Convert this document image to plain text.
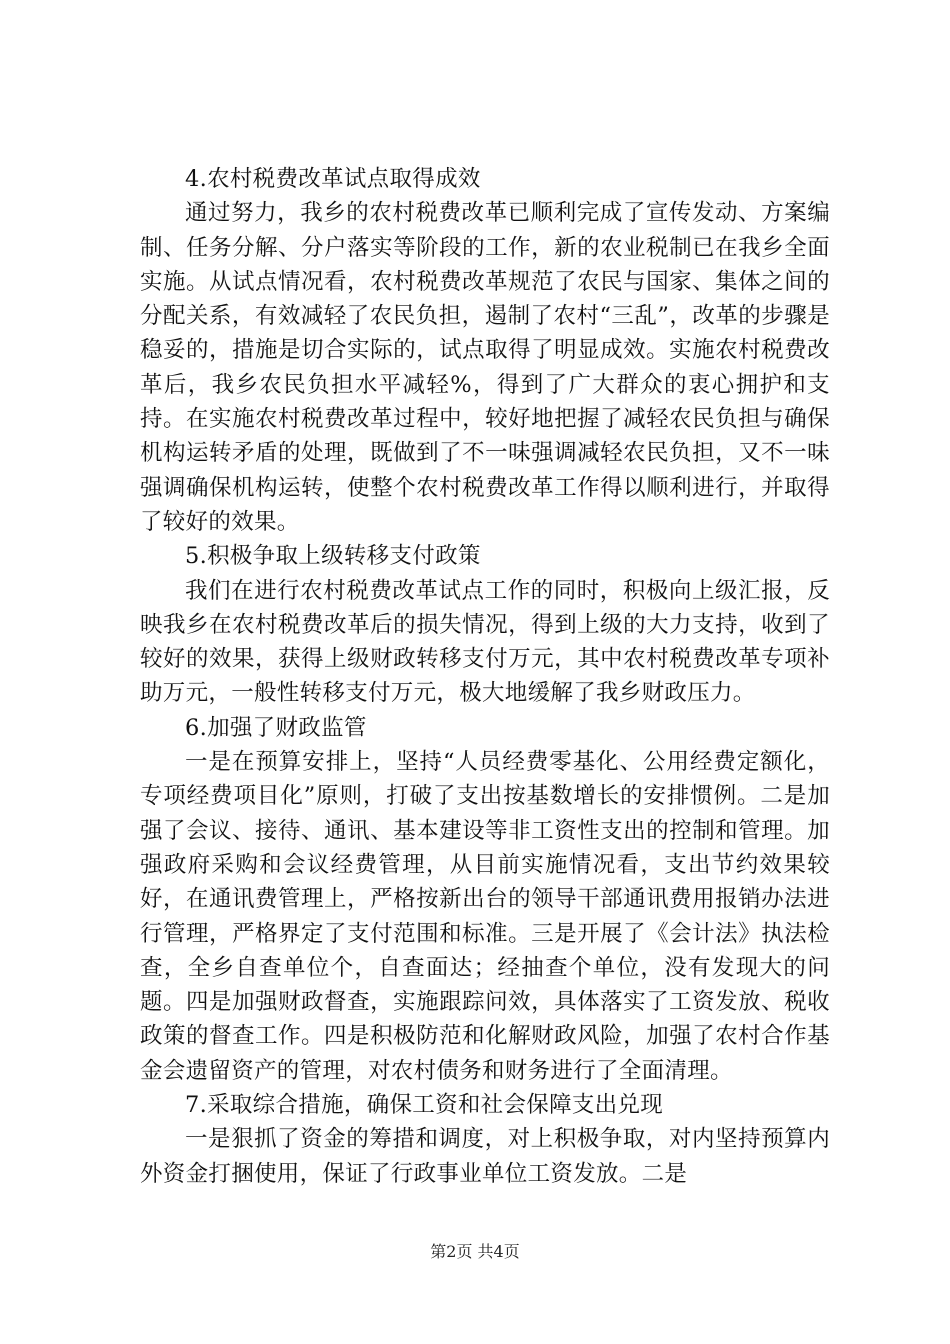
4.农村税费改革试点取得成效

通过努力，我乡的农村税费改革已顺利完成了宣传发动、方案编制、任务分解、分户落实等阶段的工作，新的农业税制已在我乡全面实施。从试点情况看，农村税费改革规范了农民与国家、集体之间的分配关系，有效减轻了农民负担，遏制了农村“三乱”，改革的步骤是稳妥的，措施是切合实际的，试点取得了明显成效。实施农村税费改革后，我乡农民负担水平减轻%，得到了广大群众的衷心拥护和支持。在实施农村税费改革过程中，较好地把握了减轻农民负担与确保机构运转矛盾的处理，既做到了不一味强调减轻农民负担，又不一味强调确保机构运转，使整个农村税费改革工作得以顺利进行，并取得了较好的效果。

5.积极争取上级转移支付政策

我们在进行农村税费改革试点工作的同时，积极向上级汇报，反映我乡在农村税费改革后的损失情况，得到上级的大力支持，收到了较好的效果，获得上级财政转移支付万元，其中农村税费改革专项补助万元，一般性转移支付万元，极大地缓解了我乡财政压力。

6.加强了财政监管

一是在预算安排上，坚持“人员经费零基化、公用经费定额化，专项经费项目化”原则，打破了支出按基数增长的安排惯例。二是加强了会议、接待、通讯、基本建设等非工资性支出的控制和管理。加强政府采购和会议经费管理，从目前实施情况看，支出节约效果较好，在通讯费管理上，严格按新出台的领导干部通讯费用报销办法进行管理，严格界定了支付范围和标准。三是开展了《会计法》执法检查，全乡自查单位个，自查面达；经抽查个单位，没有发现大的问题。四是加强财政督查，实施跟踪问效，具体落实了工资发放、税收政策的督查工作。四是积极防范和化解财政风险，加强了农村合作基金会遗留资产的管理，对农村债务和财务进行了全面清理。

7.采取综合措施，确保工资和社会保障支出兑现

一是狠抓了资金的筹措和调度，对上积极争取，对内坚持预算内外资金打捆使用，保证了行政事业单位工资发放。二是

第2页 共4页
